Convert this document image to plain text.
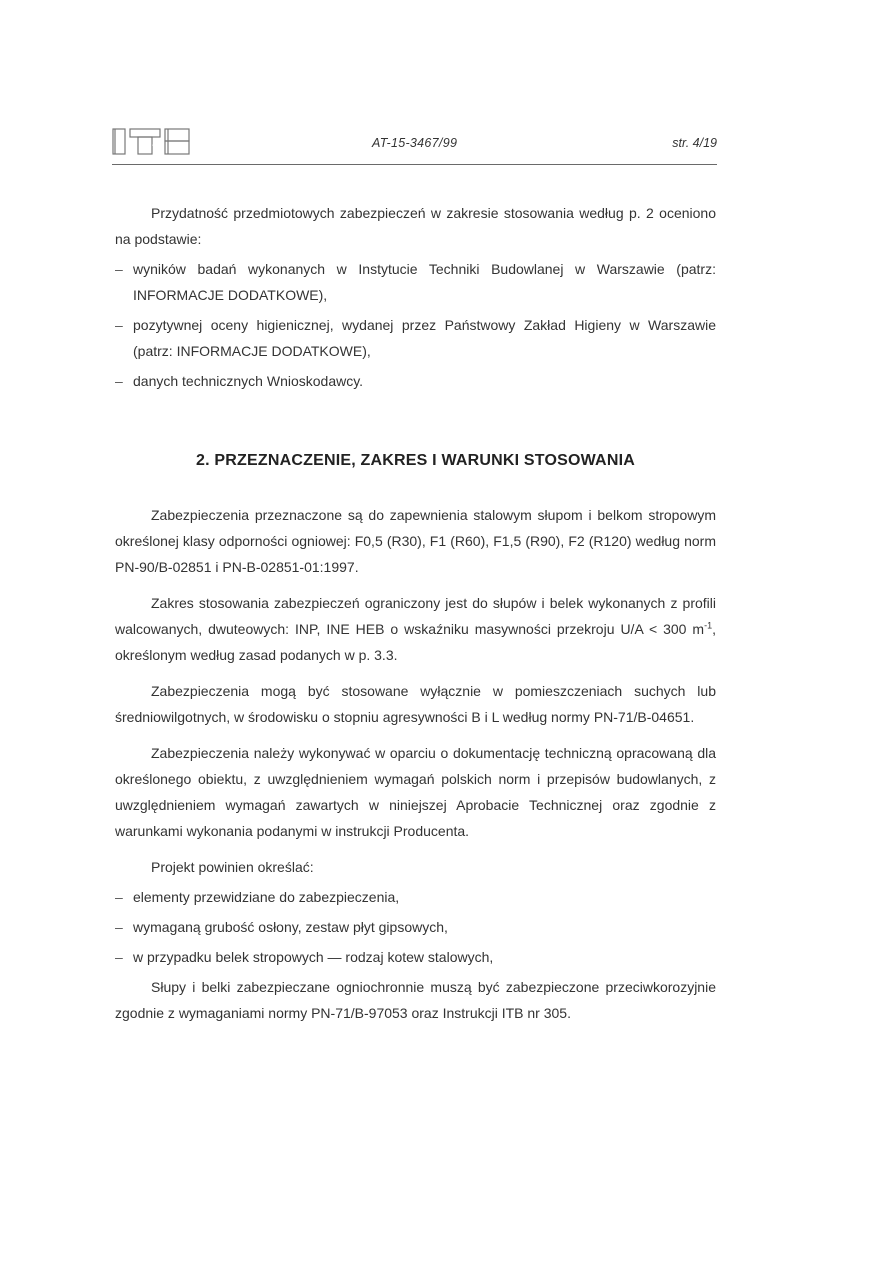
ITB	AT-15-3467/99	str. 4/19

Przydatność przedmiotowych zabezpieczeń w zakresie stosowania według p. 2 oceniono na podstawie:

– wyników badań wykonanych w Instytucie Techniki Budowlanej w Warszawie (patrz: INFORMACJE DODATKOWE),
– pozytywnej oceny higienicznej, wydanej przez Państwowy Zakład Higieny w Warszawie (patrz: INFORMACJE DODATKOWE),
– danych technicznych Wnioskodawcy.
2. PRZEZNACZENIE, ZAKRES I WARUNKI STOSOWANIA

Zabezpieczenia przeznaczone są do zapewnienia stalowym słupom i belkom stropowym określonej klasy odporności ogniowej: F0,5 (R30), F1 (R60), F1,5 (R90), F2 (R120) według norm PN-90/B-02851 i PN-B-02851-01:1997.

Zakres stosowania zabezpieczeń ograniczony jest do słupów i belek wykonanych z profili walcowanych, dwuteowych: INP, INE HEB o wskaźniku masywności przekroju U/A < 300 $m^{-1}$, określonym według zasad podanych w p. 3.3.

Zabezpieczenia mogą być stosowane wyłącznie w pomieszczeniach suchych lub średniowilgotnych, w środowisku o stopniu agresywności B i L według normy PN-71/B-04651.

Zabezpieczenia należy wykonywać w oparciu o dokumentację techniczną opracowaną dla określonego obiektu, z uwzględnieniem wymagań polskich norm i przepisów budowlanych, z uwzględnieniem wymagań zawartych w niniejszej Aprobacie Technicznej oraz zgodnie z warunkami wykonania podanymi w instrukcji Producenta.

Projekt powinien określać:

– elementy przewidziane do zabezpieczenia,
– wymaganą grubość osłony, zestaw płyt gipsowych,
– w przypadku belek stropowych — rodzaj kotew stalowych,

Słupy i belki zabezpieczane ogniochronnie muszą być zabezpieczone przeciwkorozyjnie zgodnie z wymaganiami normy PN-71/B-97053 oraz Instrukcji ITB nr 305.
